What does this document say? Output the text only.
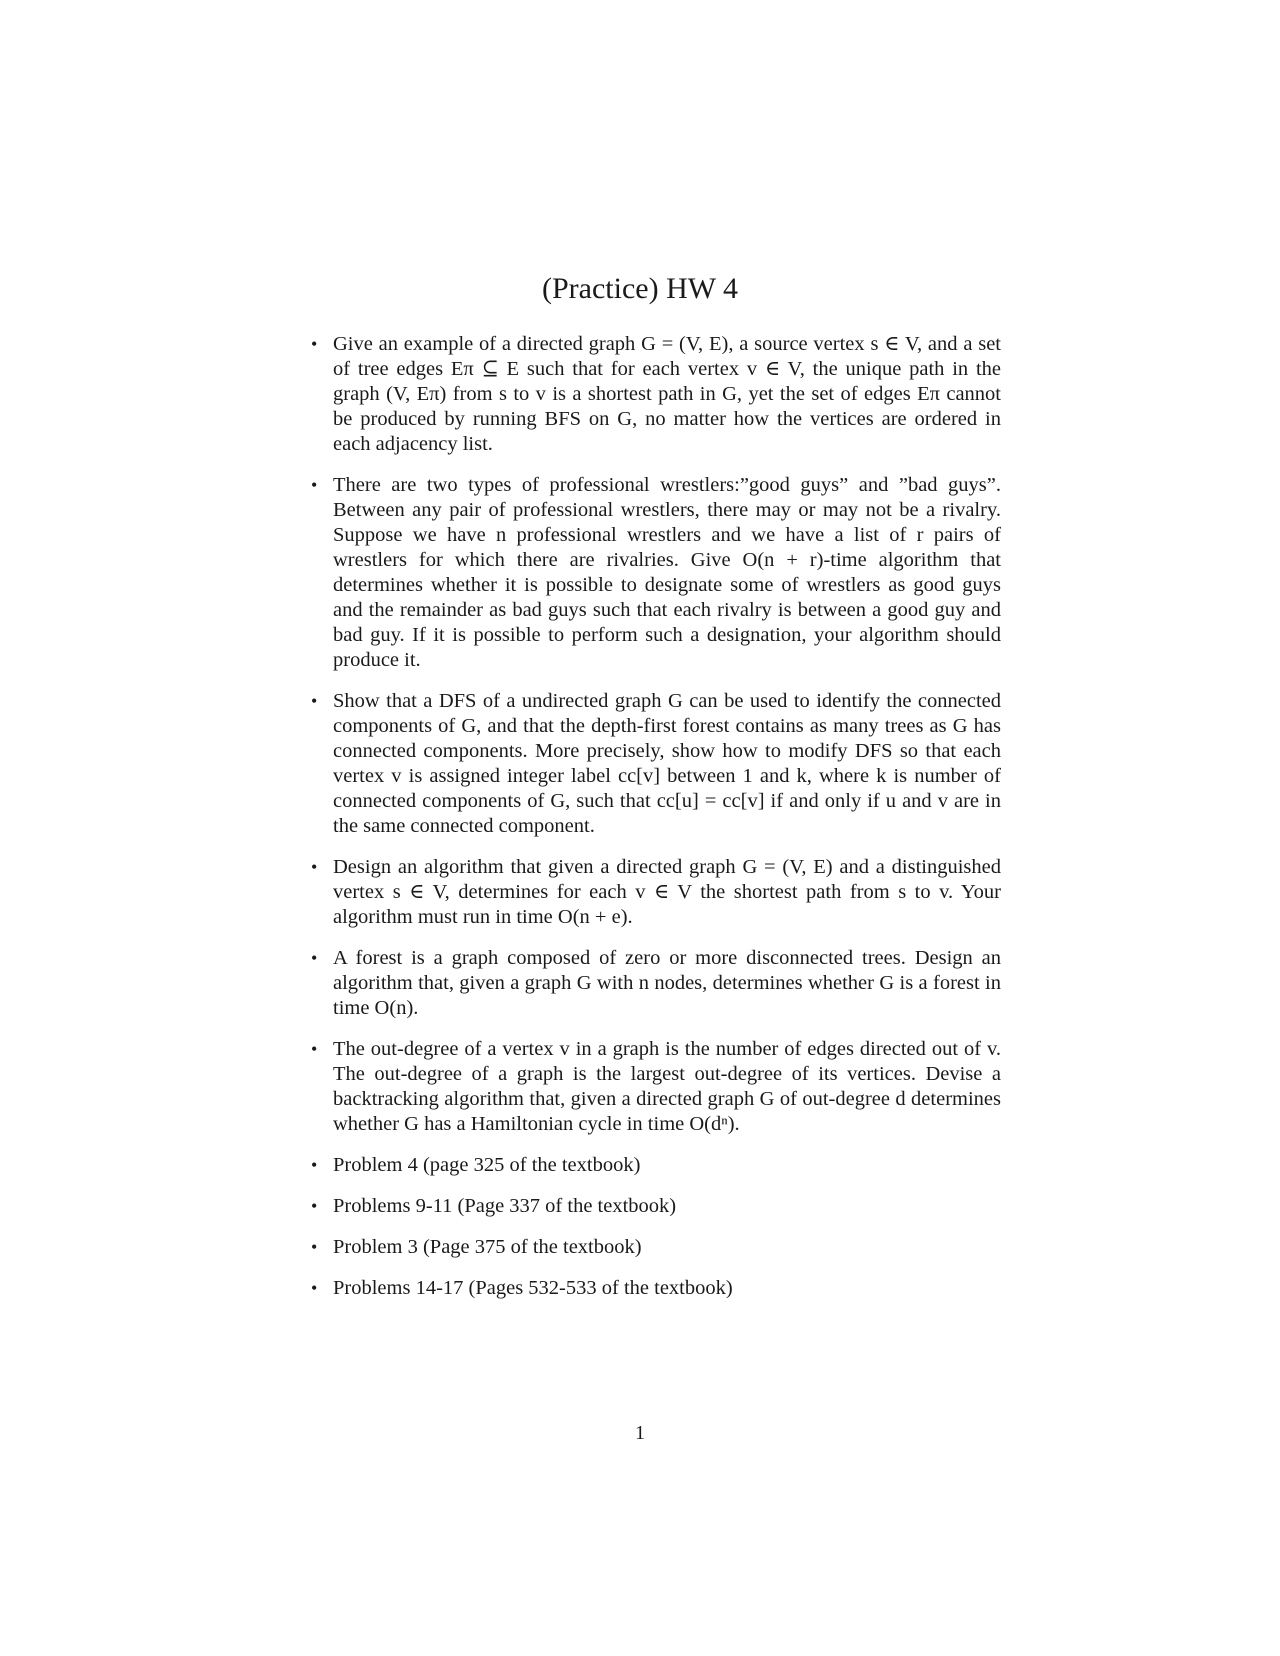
(Practice) HW 4
• Give an example of a directed graph G = (V, E), a source vertex s ∈ V, and a set of tree edges Eπ ⊆ E such that for each vertex v ∈ V, the unique path in the graph (V, Eπ) from s to v is a shortest path in G, yet the set of edges Eπ cannot be produced by running BFS on G, no matter how the vertices are ordered in each adjacency list.
• There are two types of professional wrestlers:”good guys” and ”bad guys”. Between any pair of professional wrestlers, there may or may not be a rivalry. Suppose we have n professional wrestlers and we have a list of r pairs of wrestlers for which there are rivalries. Give O(n + r)-time algorithm that determines whether it is possible to designate some of wrestlers as good guys and the remainder as bad guys such that each rivalry is between a good guy and bad guy. If it is possible to perform such a designation, your algorithm should produce it.
• Show that a DFS of a undirected graph G can be used to identify the connected components of G, and that the depth-first forest contains as many trees as G has connected components. More precisely, show how to modify DFS so that each vertex v is assigned integer label cc[v] between 1 and k, where k is number of connected components of G, such that cc[u] = cc[v] if and only if u and v are in the same connected component.
• Design an algorithm that given a directed graph G = (V, E) and a distinguished vertex s ∈ V, determines for each v ∈ V the shortest path from s to v. Your algorithm must run in time O(n + e).
• A forest is a graph composed of zero or more disconnected trees. Design an algorithm that, given a graph G with n nodes, determines whether G is a forest in time O(n).
• The out-degree of a vertex v in a graph is the number of edges directed out of v. The out-degree of a graph is the largest out-degree of its vertices. Devise a backtracking algorithm that, given a directed graph G of out-degree d determines whether G has a Hamiltonian cycle in time O(dⁿ).
• Problem 4 (page 325 of the textbook)
• Problems 9-11 (Page 337 of the textbook)
• Problem 3 (Page 375 of the textbook)
• Problems 14-17 (Pages 532-533 of the textbook)
1
